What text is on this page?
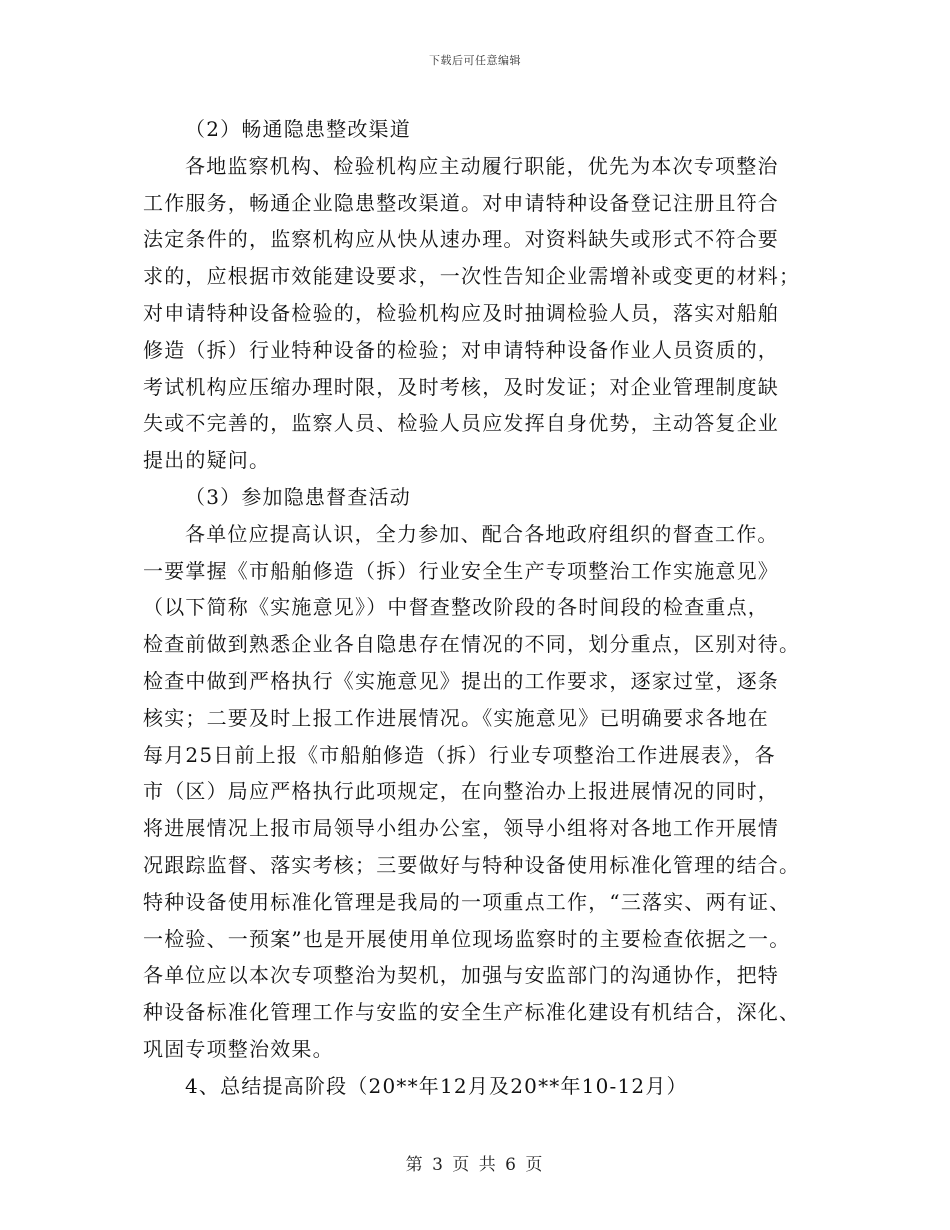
下载后可任意编辑
（2）畅通隐患整改渠道
各地监察机构、检验机构应主动履行职能，优先为本次专项整治
工作服务，畅通企业隐患整改渠道。对申请特种设备登记注册且符合
法定条件的，监察机构应从快从速办理。对资料缺失或形式不符合要
求的，应根据市效能建设要求，一次性告知企业需增补或变更的材料；
对申请特种设备检验的，检验机构应及时抽调检验人员，落实对船舶
修造（拆）行业特种设备的检验；对申请特种设备作业人员资质的，
考试机构应压缩办理时限，及时考核，及时发证；对企业管理制度缺
失或不完善的，监察人员、检验人员应发挥自身优势，主动答复企业
提出的疑问。
（3）参加隐患督查活动
各单位应提高认识，全力参加、配合各地政府组织的督查工作。
一要掌握《市船舶修造（拆）行业安全生产专项整治工作实施意见》
（以下简称《实施意见》）中督查整改阶段的各时间段的检查重点，
检查前做到熟悉企业各自隐患存在情况的不同，划分重点，区别对待。
检查中做到严格执行《实施意见》提出的工作要求，逐家过堂，逐条
核实；二要及时上报工作进展情况。《实施意见》已明确要求各地在
每月25日前上报《市船舶修造（拆）行业专项整治工作进展表》，各
市（区）局应严格执行此项规定，在向整治办上报进展情况的同时，
将进展情况上报市局领导小组办公室，领导小组将对各地工作开展情
况跟踪监督、落实考核；三要做好与特种设备使用标准化管理的结合。
特种设备使用标准化管理是我局的一项重点工作，“三落实、两有证、
一检验、一预案”也是开展使用单位现场监察时的主要检查依据之一。
各单位应以本次专项整治为契机，加强与安监部门的沟通协作，把特
种设备标准化管理工作与安监的安全生产标准化建设有机结合，深化、
巩固专项整治效果。
4、总结提高阶段（20**年12月及20**年10-12月）
第 3 页 共 6 页
